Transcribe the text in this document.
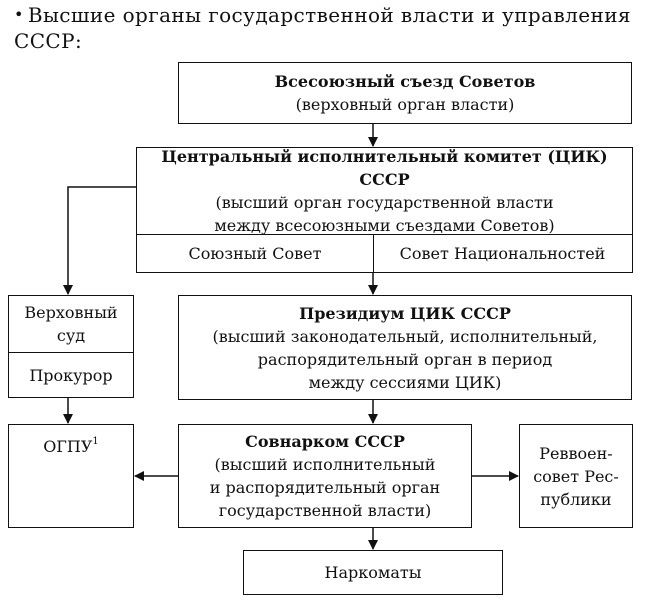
• Высшие органы государственной власти и управления СССР:
Всесоюзный съезд Советов
(верховный орган власти)
Центральный исполнительный комитет (ЦИК) СССР
(высший орган государственной власти
между всесоюзными съездами Советов)
Союзный Совет	Совет Национальностей
Верховный
суд
Прокурор
Президиум ЦИК СССР
(высший законодательный, исполнительный,
распорядительный орган в период
между сессиями ЦИК)
ОГПУ$^1$	Совнарком СССР
(высший исполнительный
и распорядительный орган
государственной власти)
Реввоен-
совет Рес-
публики
Наркоматы
